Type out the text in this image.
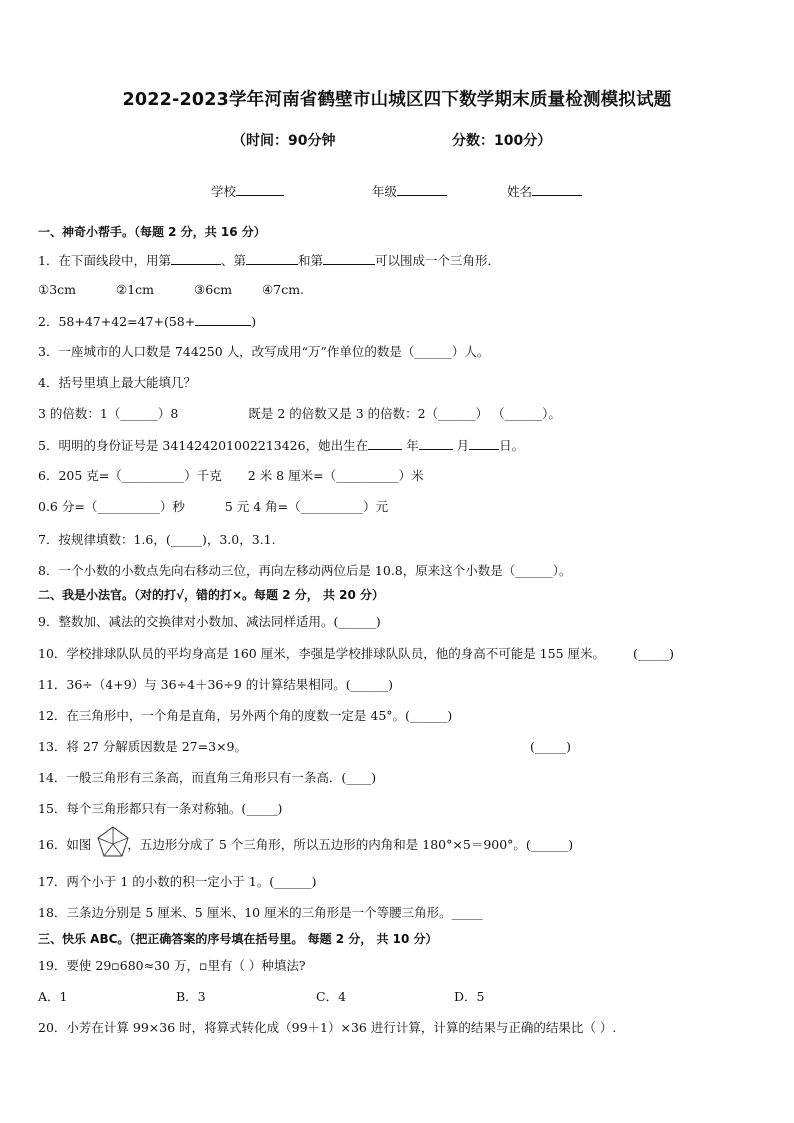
2022-2023学年河南省鹤壁市山城区四下数学期末质量检测模拟试题
（时间：90分钟	分数：100分）
学校	年级	姓名
一、神奇小帮手。（每题 2 分，共 16 分）
1．在下面线段中，用第	、第	和第	可以围成一个三角形．
①3cm	②1cm	③6cm ④7cm.
2．58+47+42=47+(58+	)
3．一座城市的人口数是 744250 人，改写成用“万”作单位的数是（______）人。
4．括号里填上最大能填几？
3 的倍数：1（______）8	既是 2 的倍数又是 3 的倍数：2（______） （______）。
5．明明的身份证号是 341424201002213426，她出生在	年	月 日。
6．205 克=（__________）千克 2 米 8 厘米=（__________）米
0.6 分=（__________）秒	5 元 4 角=（__________）元
7．按规律填数：1.6，(_____)，3.0，3.1.
8．一个小数的小数点先向右移动三位，再向左移动两位后是 10.8，原来这个小数是（______）。
二、我是小法官。（对的打√，错的打×。每题 2 分， 共 20 分）
9．整数加、减法的交换律对小数加、减法同样适用。(______)
10．学校排球队队员的平均身高是 160 厘米，李强是学校排球队队员，他的身高不可能是 155 厘米。 (_____)
11．36÷（4+9）与 36÷4＋36÷9 的计算结果相同。(______)
12．在三角形中，一个角是直角，另外两个角的度数一定是 45°。(______)
13．将 27 分解质因数是 27=3×9。	(_____)
14．一般三角形有三条高，而直角三角形只有一条高．(____)
15．每个三角形都只有一条对称轴。(_____)
16．如图	，五边形分成了 5 个三角形，所以五边形的内角和是 180°×5＝900°。(______)
17．两个小于 1 的小数的积一定小于 1。(______)
18．三条边分别是 5 厘米、5 厘米、10 厘米的三角形是一个等腰三角形。_____
三、快乐 ABC。（把正确答案的序号填在括号里。 每题 2 分， 共 10 分）
19．要使 29▫680≈30 万，▫里有（ ）种填法?
A．1	B．3	C．4	D．5
20．小芳在计算 99×36 时，将算式转化成（99＋1）×36 进行计算，计算的结果与正确的结果比（ ）.
